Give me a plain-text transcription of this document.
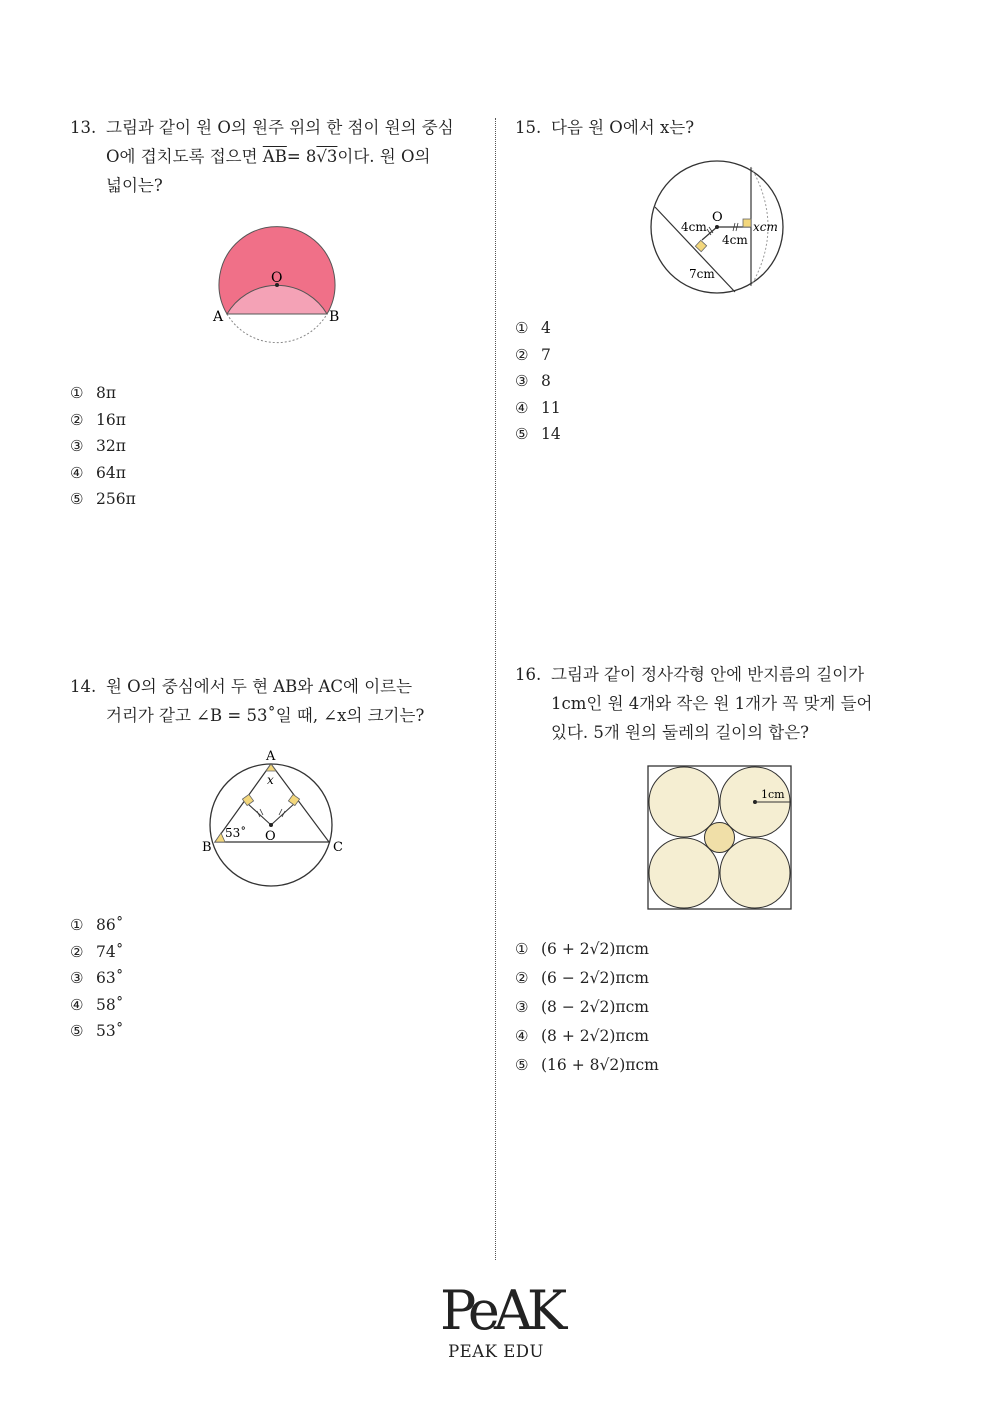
13. 그림과 같이 원 O의 원주 위의 한 점이 원의 중심
O에 겹치도록 접으면 $\overline{AB}= 8√3$이다. 원 O의
넓이는?
O
A	B
① 8π
② 16π
③ 32π
④ 64π
⑤ 256π
15. 다음 원 O에서 x는?
O
4cm
4cm
xcm
7cm
① 4
② 7
③ 8
④ 11
⑤ 14
14. 원 O의 중심에서 두 현 AB와 AC에 이르는
거리가 같고 ∠B = 53˚일 때, ∠x의 크기는?
A
x
B	C
O
53˚
① 86˚
② 74˚
③ 63˚
④ 58˚
⑤ 53˚
16. 그림과 같이 정사각형 안에 반지름의 길이가
1cm인 원 4개와 작은 원 1개가 꼭 맞게 들어
있다. 5개 원의 둘레의 길이의 합은?
1cm
① (6 + 2√2)πcm
② (6 − 2√2)πcm
③ (8 − 2√2)πcm
④ (8 + 2√2)πcm
⑤ (16 + 8√2)πcm
PeAK
PEAK EDU
